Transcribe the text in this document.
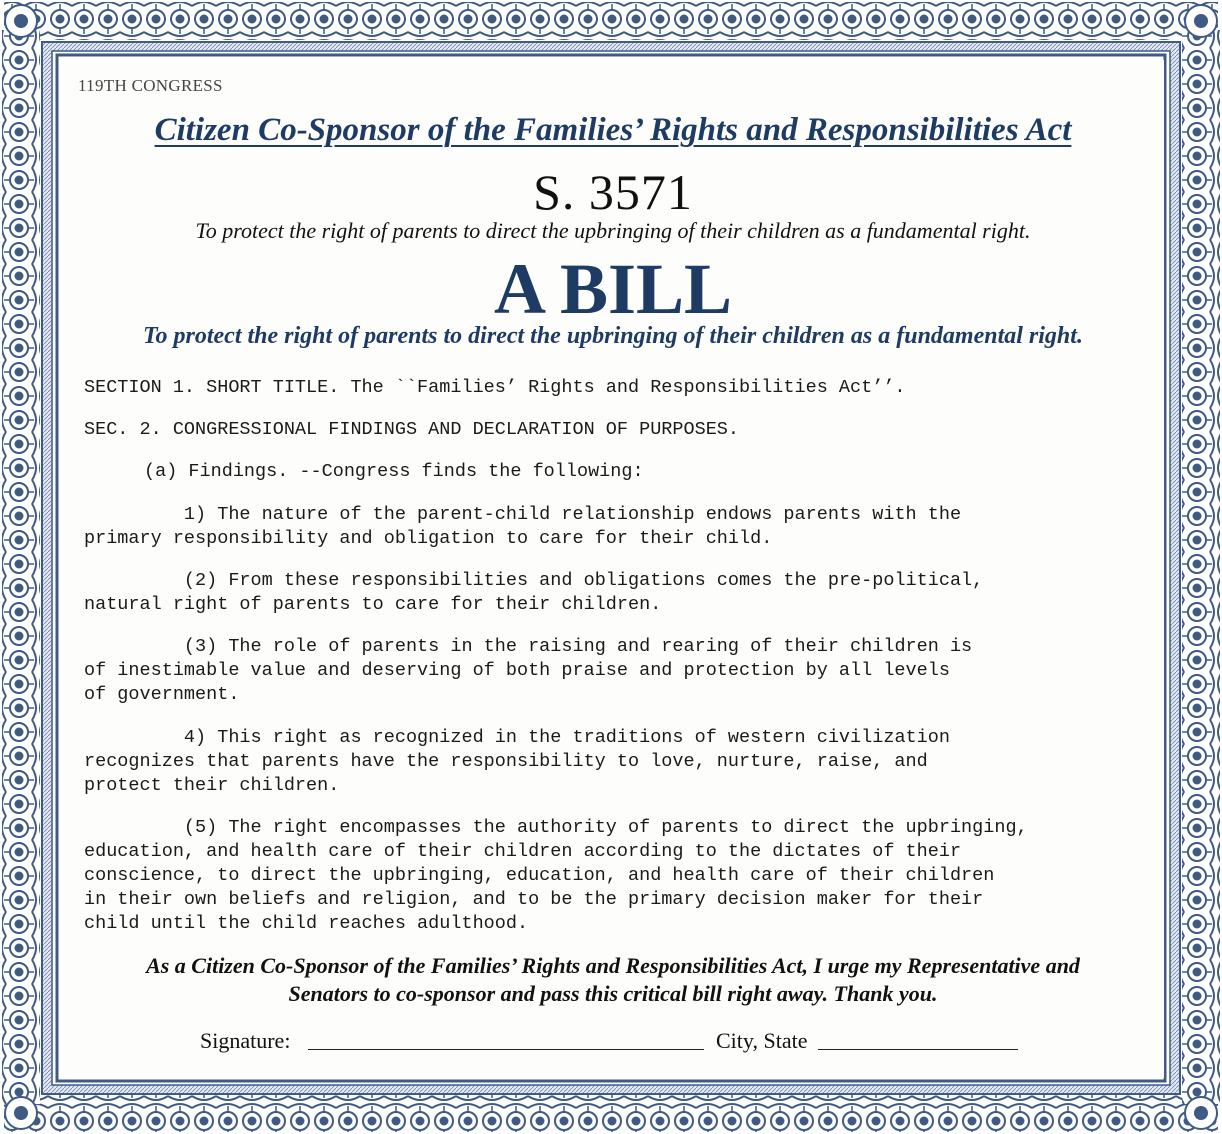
119TH CONGRESS
Citizen Co-Sponsor of the Families’ Rights and Responsibilities Act
S. 3571
To protect the right of parents to direct the upbringing of their children as a fundamental right.
A BILL
To protect the right of parents to direct the upbringing of their children as a fundamental right.

SECTION 1. SHORT TITLE. The ``Families’ Rights and Responsibilities Act’’.

SEC. 2. CONGRESSIONAL FINDINGS AND DECLARATION OF PURPOSES.

(a) Findings. --Congress finds the following:

1) The nature of the parent-child relationship endows parents with the
primary responsibility and obligation to care for their child.

(2) From these responsibilities and obligations comes the pre-political,
natural right of parents to care for their children.

(3) The role of parents in the raising and rearing of their children is
of inestimable value and deserving of both praise and protection by all levels
of government.

4) This right as recognized in the traditions of western civilization
recognizes that parents have the responsibility to love, nurture, raise, and
protect their children.

(5) The right encompasses the authority of parents to direct the upbringing,
education, and health care of their children according to the dictates of their
conscience, to direct the upbringing, education, and health care of their children
in their own beliefs and religion, and to be the primary decision maker for their
child until the child reaches adulthood.

As a Citizen Co-Sponsor of the Families’ Rights and Responsibilities Act, I urge my Representative and
Senators to co-sponsor and pass this critical bill right away. Thank you.
Signature:	City, State
